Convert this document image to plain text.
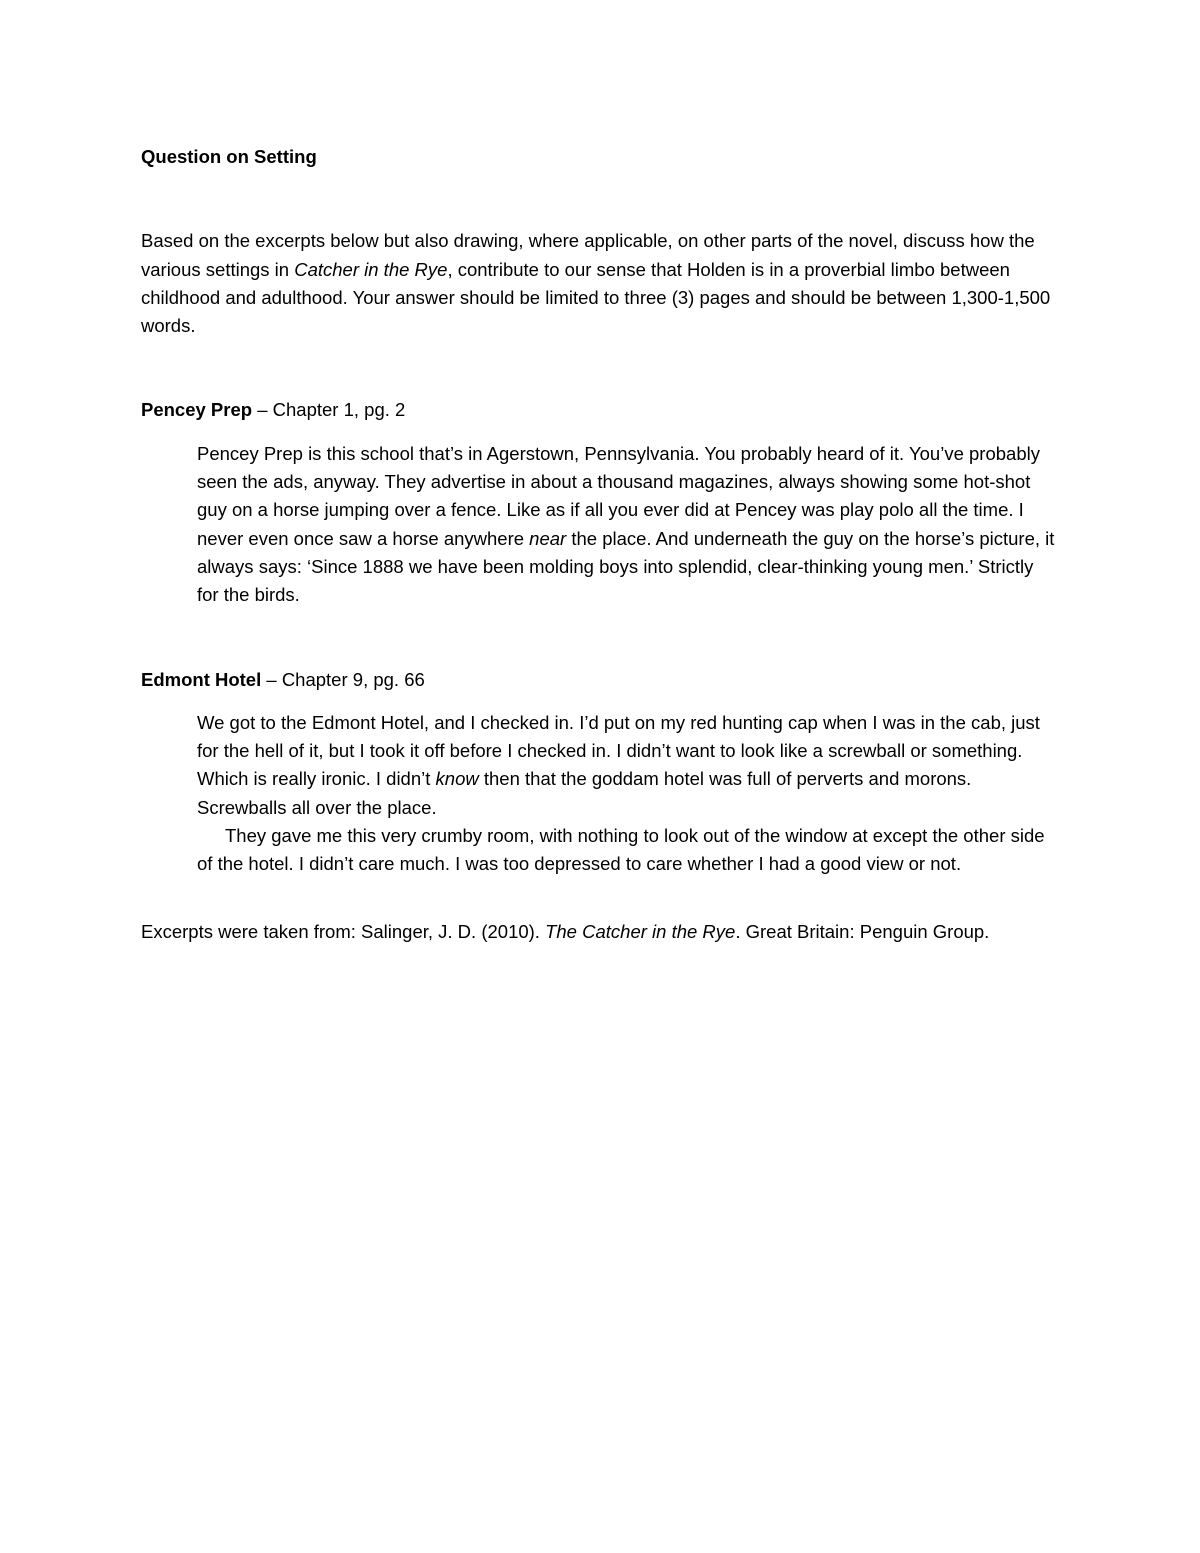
Question on Setting

Based on the excerpts below but also drawing, where applicable, on other parts of the novel, discuss how the various settings in Catcher in the Rye, contribute to our sense that Holden is in a proverbial limbo between childhood and adulthood. Your answer should be limited to three (3) pages and should be between 1,300-1,500 words.

Pencey Prep – Chapter 1, pg. 2

Pencey Prep is this school that’s in Agerstown, Pennsylvania. You probably heard of it. You’ve probably seen the ads, anyway. They advertise in about a thousand magazines, always showing some hot-shot guy on a horse jumping over a fence. Like as if all you ever did at Pencey was play polo all the time. I never even once saw a horse anywhere near the place. And underneath the guy on the horse’s picture, it always says: ‘Since 1888 we have been molding boys into splendid, clear-thinking young men.’ Strictly for the birds.

Edmont Hotel – Chapter 9, pg. 66

We got to the Edmont Hotel, and I checked in. I’d put on my red hunting cap when I was in the cab, just for the hell of it, but I took it off before I checked in. I didn’t want to look like a screwball or something. Which is really ironic. I didn’t know then that the goddam hotel was full of perverts and morons. Screwballs all over the place.

They gave me this very crumby room, with nothing to look out of the window at except the other side of the hotel. I didn’t care much. I was too depressed to care whether I had a good view or not.

Excerpts were taken from: Salinger, J. D. (2010). The Catcher in the Rye. Great Britain: Penguin Group.
